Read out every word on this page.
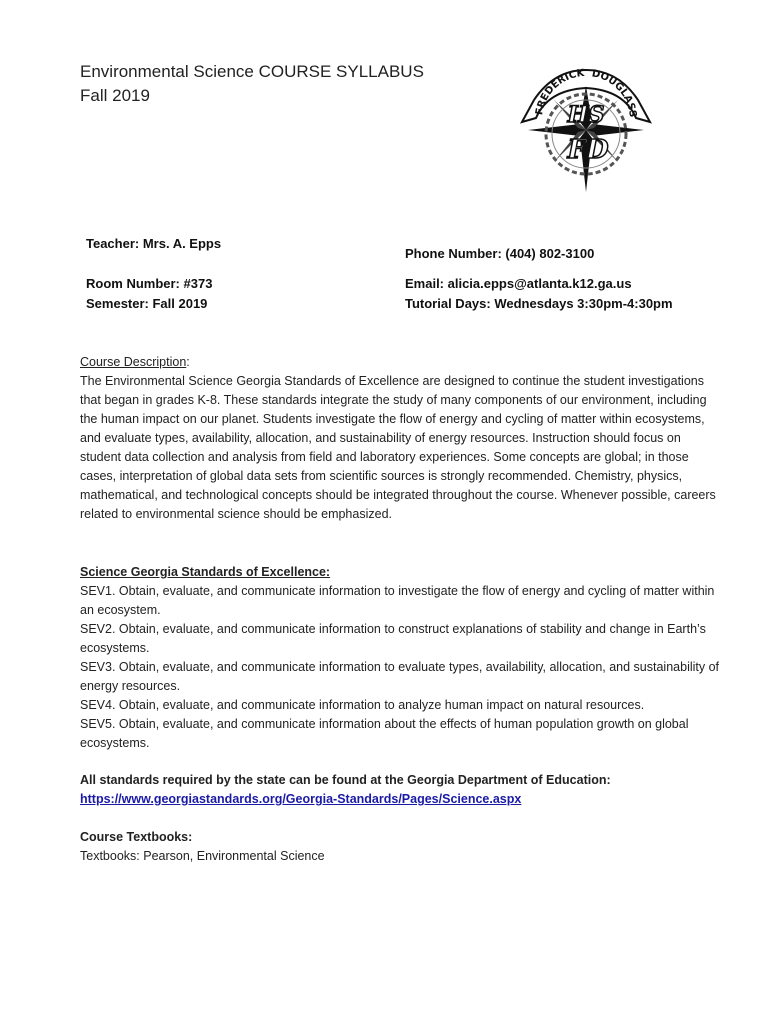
Environmental Science COURSE SYLLABUS
Fall 2019
FREDERICK DOUGLASS
HS
FD
Teacher: Mrs. A. Epps
Phone Number: (404) 802-3100
Room Number: #373	Email: alicia.epps@atlanta.k12.ga.us
Semester: Fall 2019	Tutorial Days: Wednesdays 3:30pm-4:30pm
Course Description:

The Environmental Science Georgia Standards of Excellence are designed to continue the student investigations that began in grades K-8. These standards integrate the study of many components of our environment, including the human impact on our planet. Students investigate the flow of energy and cycling of matter within ecosystems, and evaluate types, availability, allocation, and sustainability of energy resources. Instruction should focus on student data collection and analysis from field and laboratory experiences. Some concepts are global; in those cases, interpretation of global data sets from scientific sources is strongly recommended. Chemistry, physics, mathematical, and technological concepts should be integrated throughout the course. Whenever possible, careers related to environmental science should be emphasized.

Science Georgia Standards of Excellence:

SEV1. Obtain, evaluate, and communicate information to investigate the flow of energy and cycling of matter within an ecosystem.

SEV2. Obtain, evaluate, and communicate information to construct explanations of stability and change in Earth’s ecosystems.

SEV3. Obtain, evaluate, and communicate information to evaluate types, availability, allocation, and sustainability of energy resources.

SEV4. Obtain, evaluate, and communicate information to analyze human impact on natural resources.

SEV5. Obtain, evaluate, and communicate information about the effects of human population growth on global ecosystems.

All standards required by the state can be found at the Georgia Department of Education:
https://www.georgiastandards.org/Georgia-Standards/Pages/Science.aspx
Course Textbooks:
Textbooks: Pearson, Environmental Science
